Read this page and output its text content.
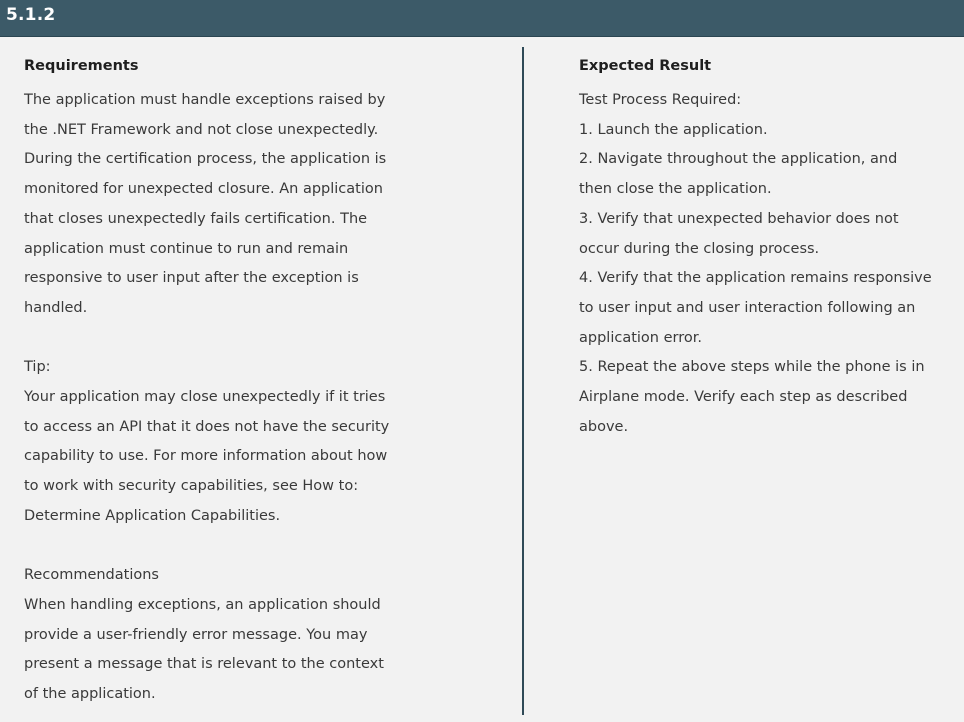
5.1.2
Requirements

The application must handle exceptions raised by

the .NET Framework and not close unexpectedly.

During the certification process, the application is

monitored for unexpected closure. An application

that closes unexpectedly fails certification. The

application must continue to run and remain

responsive to user input after the exception is

handled.

Tip:

Your application may close unexpectedly if it tries

to access an API that it does not have the security

capability to use. For more information about how

to work with security capabilities, see How to:

Determine Application Capabilities.

Recommendations

When handling exceptions, an application should

provide a user-friendly error message. You may

present a message that is relevant to the context

of the application.

Expected Result

Test Process Required:

1. Launch the application.

2. Navigate throughout the application, and

then close the application.

3. Verify that unexpected behavior does not

occur during the closing process.

4. Verify that the application remains responsive

to user input and user interaction following an

application error.

5. Repeat the above steps while the phone is in

Airplane mode. Verify each step as described

above.
